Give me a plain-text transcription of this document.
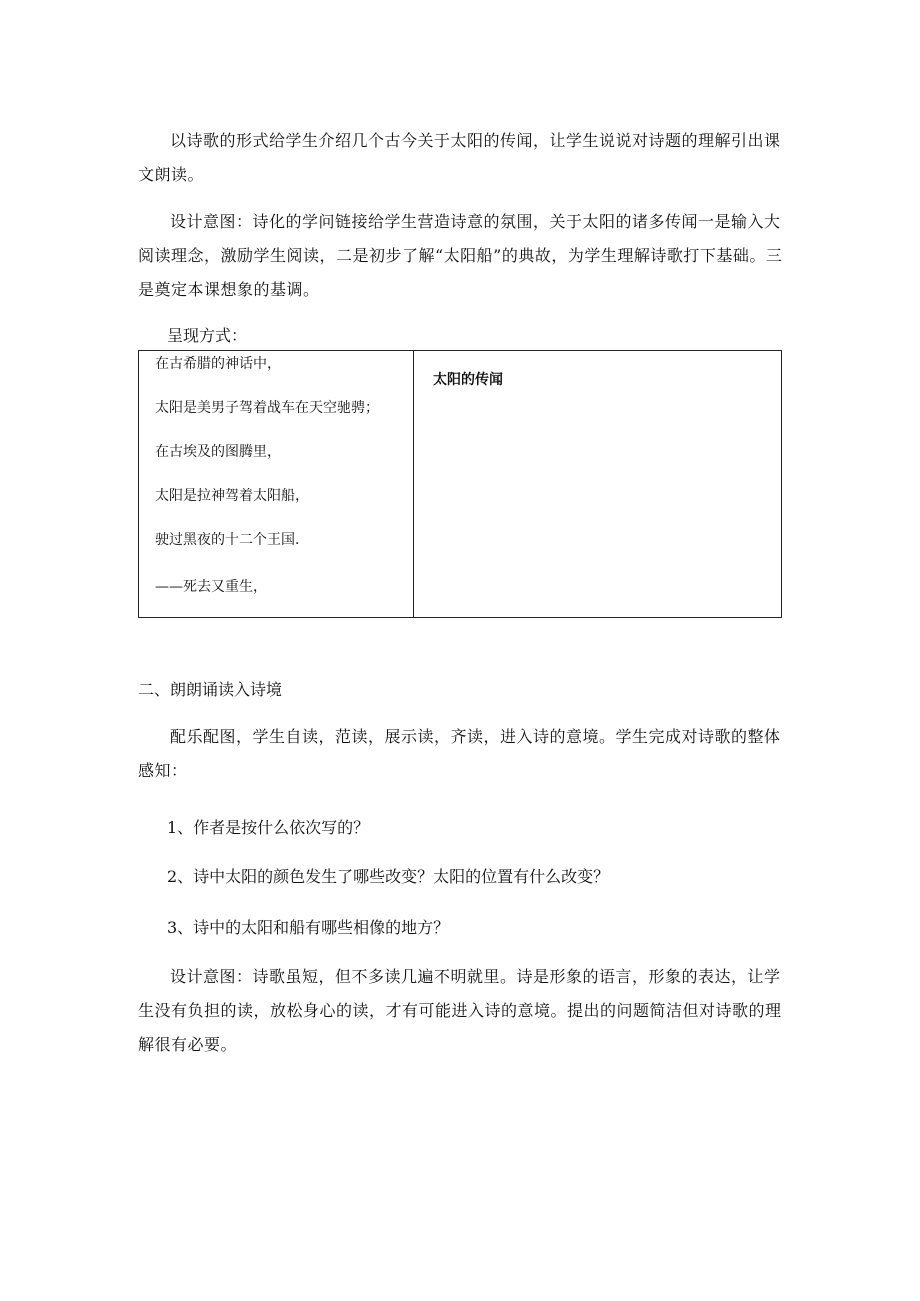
以诗歌的形式给学生介绍几个古今关于太阳的传闻，让学生说说对诗题的理解引出课文朗读。

设计意图：诗化的学问链接给学生营造诗意的氛围，关于太阳的诸多传闻一是输入大阅读理念，激励学生阅读，二是初步了解“太阳船”的典故，为学生理解诗歌打下基础。三是奠定本课想象的基调。

呈现方式：

在古希腊的神话中，
太阳是美男子驾着战车在天空驰骋；
在古埃及的图腾里，
太阳是拉神驾着太阳船，
驶过黑夜的十二个王国.
——死去又重生，
太阳的传闻

二、朗朗诵读入诗境

配乐配图，学生自读，范读，展示读，齐读，进入诗的意境。学生完成对诗歌的整体感知：

1、作者是按什么依次写的？

2、诗中太阳的颜色发生了哪些改变？太阳的位置有什么改变？

3、诗中的太阳和船有哪些相像的地方？

设计意图：诗歌虽短，但不多读几遍不明就里。诗是形象的语言，形象的表达，让学生没有负担的读，放松身心的读，才有可能进入诗的意境。提出的问题简洁但对诗歌的理解很有必要。
